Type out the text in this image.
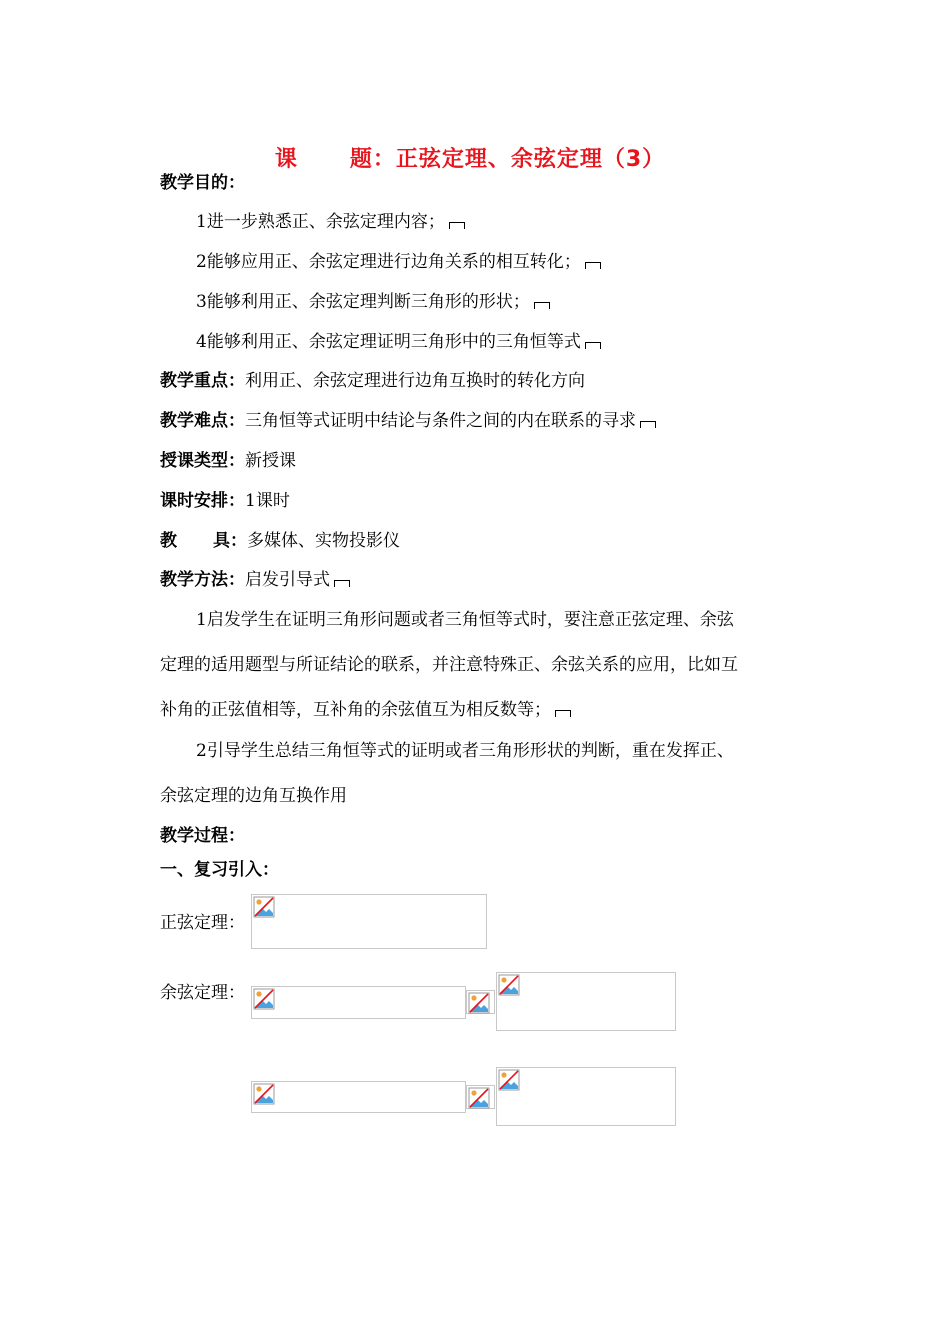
课 题：正弦定理、余弦定理（3）
教学目的：
1进一步熟悉正、余弦定理内容；
2能够应用正、余弦定理进行边角关系的相互转化；
3能够利用正、余弦定理判断三角形的形状；
4能够利用正、余弦定理证明三角形中的三角恒等式
教学重点：利用正、余弦定理进行边角互换时的转化方向
教学难点：三角恒等式证明中结论与条件之间的内在联系的寻求
授课类型：新授课
课时安排：1课时
教 具：多媒体、实物投影仪
教学方法：启发引导式
1启发学生在证明三角形问题或者三角恒等式时，要注意正弦定理、余弦
定理的适用题型与所证结论的联系，并注意特殊正、余弦关系的应用，比如互
补角的正弦值相等，互补角的余弦值互为相反数等；
2引导学生总结三角恒等式的证明或者三角形形状的判断，重在发挥正、
余弦定理的边角互换作用
教学过程：
一、复习引入：
正弦定理：
余弦定理：
